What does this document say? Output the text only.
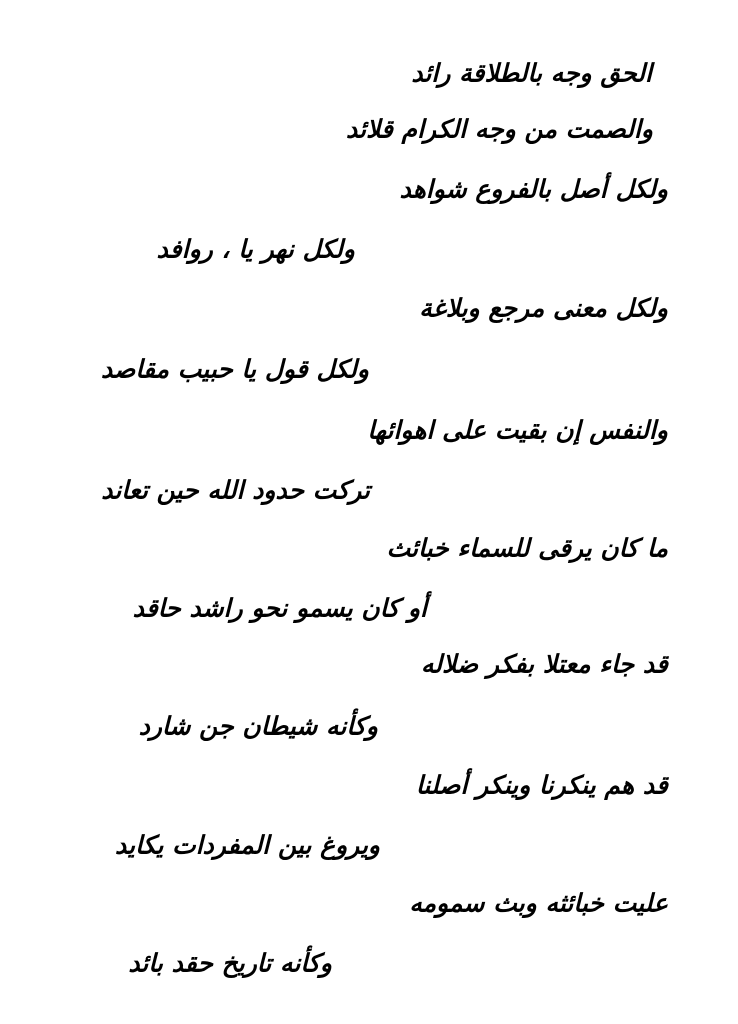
الحق وجه بالطلاقة رائد
والصمت من وجه الكرام قلائد
ولكل أصل بالفروع شواهد
ولكل نهر يا ، روافد
ولكل معنى مرجع وبلاغة
ولكل قول يا حبيب مقاصد
والنفس إن بقيت على اهوائها
تركت حدود الله حين تعاند
ما كان يرقى للسماء خبائث
أو كان يسمو نحو راشد حاقد
قد جاء معتلا بفكر ضلاله
وكأنه شيطان جن شارد
قد هم ينكرنا وينكر أصلنا
ويروغ بين المفردات يكايد
عليت خبائثه وبث سمومه
وكأنه تاريخ حقد بائد
